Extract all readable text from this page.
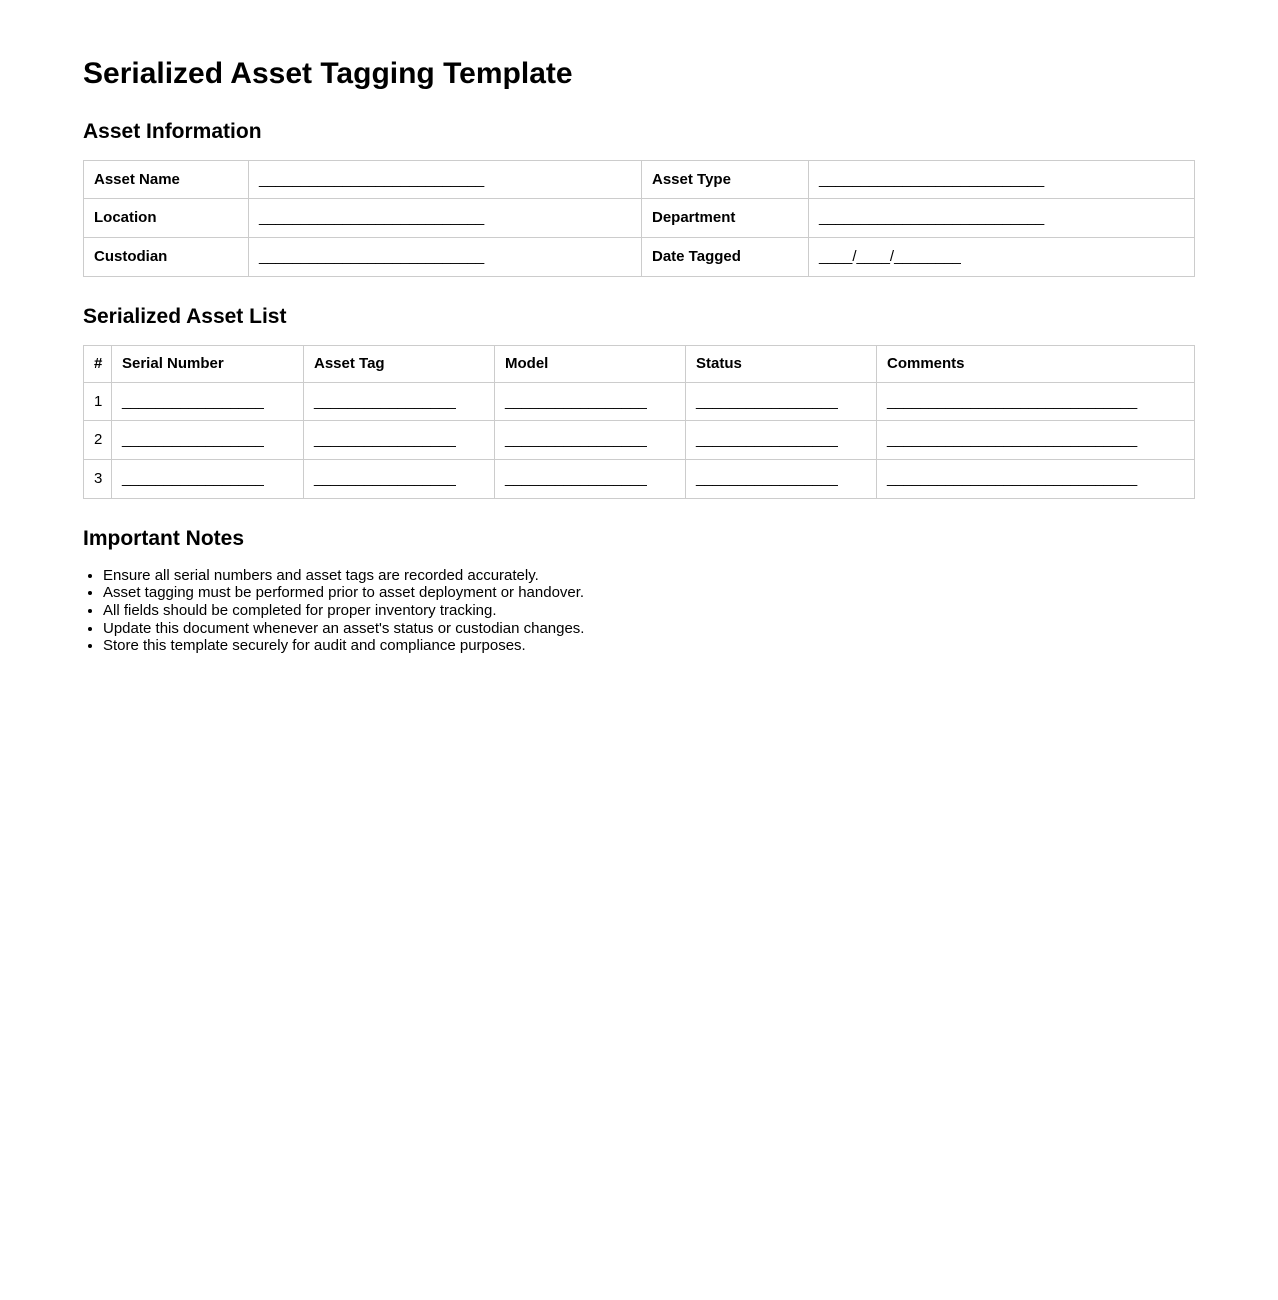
Serialized Asset Tagging Template
Asset Information
Asset Name	___________________________	Asset Type	___________________________
Location	___________________________	Department	___________________________
Custodian	___________________________	Date Tagged	____/____/________
Serialized Asset List
#	Serial Number	Asset Tag	Model	Status	Comments
1	_________________	_________________	_________________	_________________	______________________________
2	_________________	_________________	_________________	_________________	______________________________
3	_________________	_________________	_________________	_________________	______________________________
Important Notes
• Ensure all serial numbers and asset tags are recorded accurately.
• Asset tagging must be performed prior to asset deployment or handover.
• All fields should be completed for proper inventory tracking.
• Update this document whenever an asset's status or custodian changes.
• Store this template securely for audit and compliance purposes.
